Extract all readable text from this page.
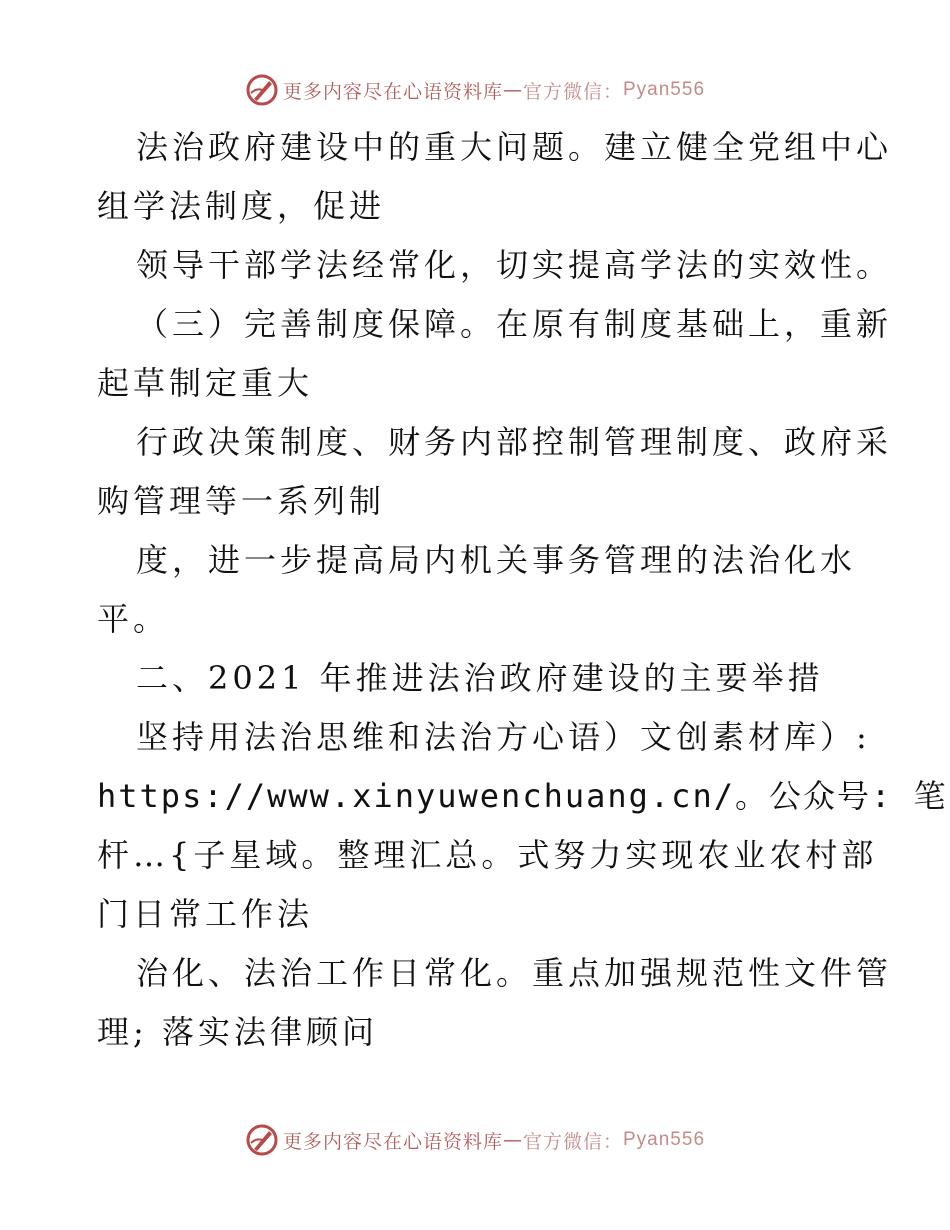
更多内容尽在心语资料库 — 官方微信： Pyan556
法治政府建设中的重大问题。建立健全党组中心
组学法制度，促进
领导干部学法经常化，切实提高学法的实效性。
（三）完善制度保障。在原有制度基础上，重新
起草制定重大
行政决策制度、财务内部控制管理制度、政府采
购管理等一系列制
度，进一步提高局内机关事务管理的法治化水
平。
二、2021 年推进法治政府建设的主要举措
坚持用法治思维和法治方心语）文创素材库）:
https://www.xinyuwenchuang.cn/。公众号: 笔
杆…{子星域。整理汇总。式努力实现农业农村部
门日常工作法
治化、法治工作日常化。重点加强规范性文件管
理; 落实法律顾问
更多内容尽在心语资料库 — 官方微信： Pyan556
